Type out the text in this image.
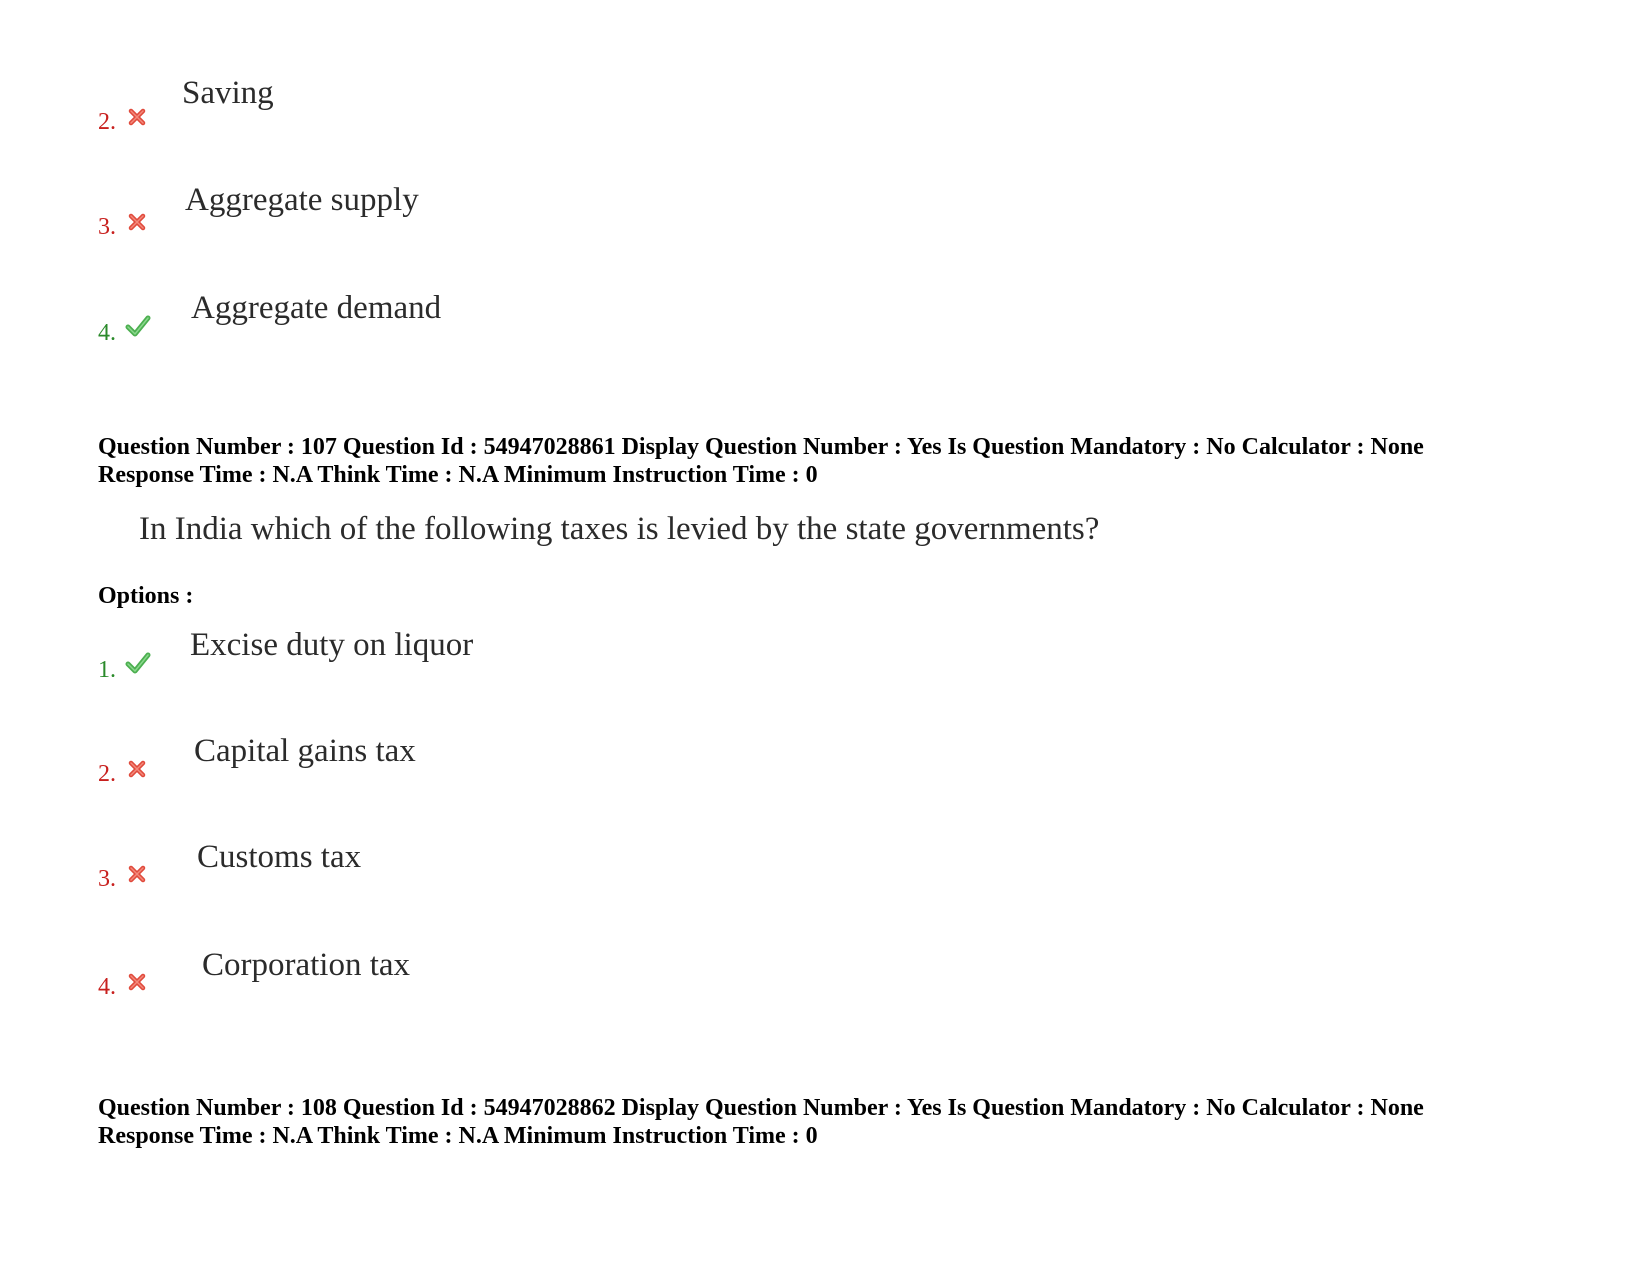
2.
Saving
3.
Aggregate supply
4.
Aggregate demand
Question Number : 107 Question Id : 54947028861 Display Question Number : Yes Is Question Mandatory : No Calculator : None
Response Time : N.A Think Time : N.A Minimum Instruction Time : 0
In India which of the following taxes is levied by the state governments?
Options :
1.
Excise duty on liquor
2.
Capital gains tax
3.
Customs tax
4.
Corporation tax
Question Number : 108 Question Id : 54947028862 Display Question Number : Yes Is Question Mandatory : No Calculator : None
Response Time : N.A Think Time : N.A Minimum Instruction Time : 0
